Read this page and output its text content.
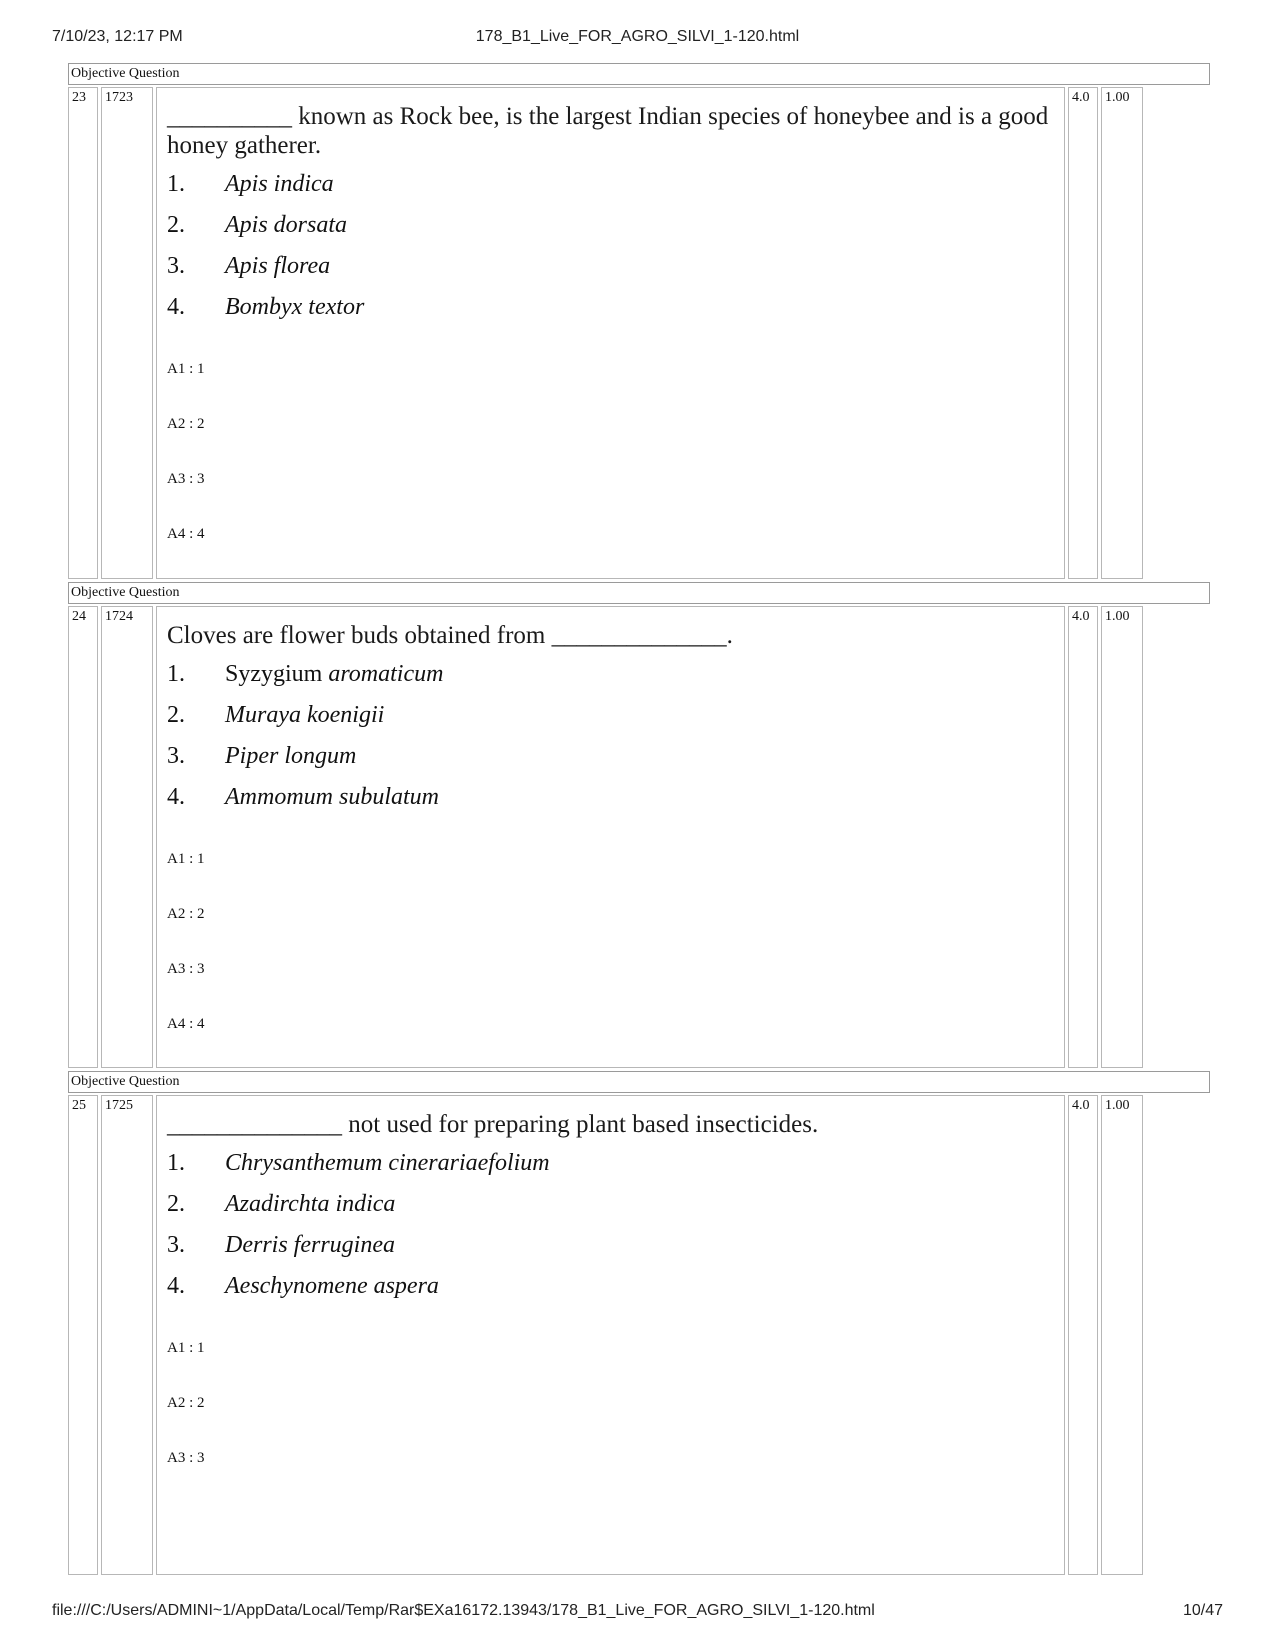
7/10/23, 12:17 PM	178_B1_Live_FOR_AGRO_SILVI_1-120.html
Objective Question
23	1723
__________ known as Rock bee, is the largest Indian species of honeybee and is a good honey gatherer.
1.	Apis indica
2.	Apis dorsata
3.	Apis florea
4.	Bombyx textor
A1 : 1
A2 : 2
A3 : 3
A4 : 4
4.0	1.00
Objective Question
24	1724
Cloves are flower buds obtained from ______________.
1.	Syzygium aromaticum
2.	Muraya koenigii
3.	Piper longum
4.	Ammomum subulatum
A1 : 1
A2 : 2
A3 : 3
A4 : 4
4.0	1.00
Objective Question
25	1725
______________ not used for preparing plant based insecticides.
1.	Chrysanthemum cinerariaefolium
2.	Azadirchta indica
3.	Derris ferruginea
4.	Aeschynomene aspera
A1 : 1
A2 : 2
A3 : 3
4.0	1.00
file:///C:/Users/ADMINI~1/AppData/Local/Temp/Rar$EXa16172.13943/178_B1_Live_FOR_AGRO_SILVI_1-120.html	10/47
